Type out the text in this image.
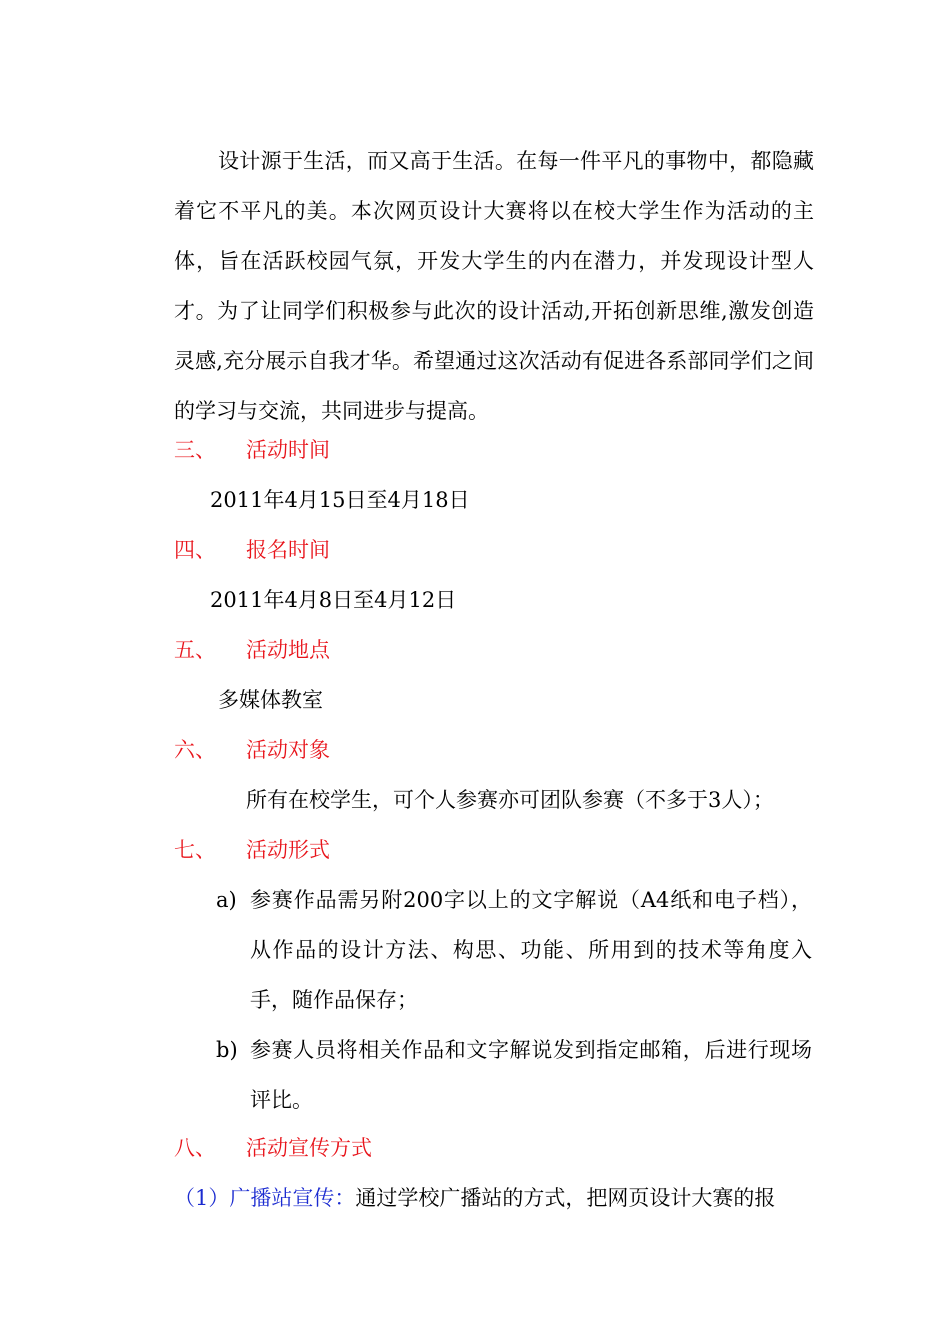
设计源于生活，而又高于生活。在每一件平凡的事物中，都隐藏着它不平凡的美。本次网页设计大赛将以在校大学生作为活动的主体，旨在活跃校园气氛，开发大学生的内在潜力，并发现设计型人才。为了让同学们积极参与此次的设计活动,开拓创新思维,激发创造灵感,充分展示自我才华。希望通过这次活动有促进各系部同学们之间的学习与交流，共同进步与提高。
三、 活动时间
2011年4月15日至4月18日
四、 报名时间
2011年4月8日至4月12日
五、 活动地点
多媒体教室
六、 活动对象
所有在校学生，可个人参赛亦可团队参赛（不多于3人）；
七、 活动形式
a) 参赛作品需另附200字以上的文字解说（A4纸和电子档），从作品的设计方法、构思、功能、所用到的技术等角度入手，随作品保存；
b) 参赛人员将相关作品和文字解说发到指定邮箱，后进行现场评比。
八、 活动宣传方式
（1）广播站宣传：通过学校广播站的方式，把网页设计大赛的报
